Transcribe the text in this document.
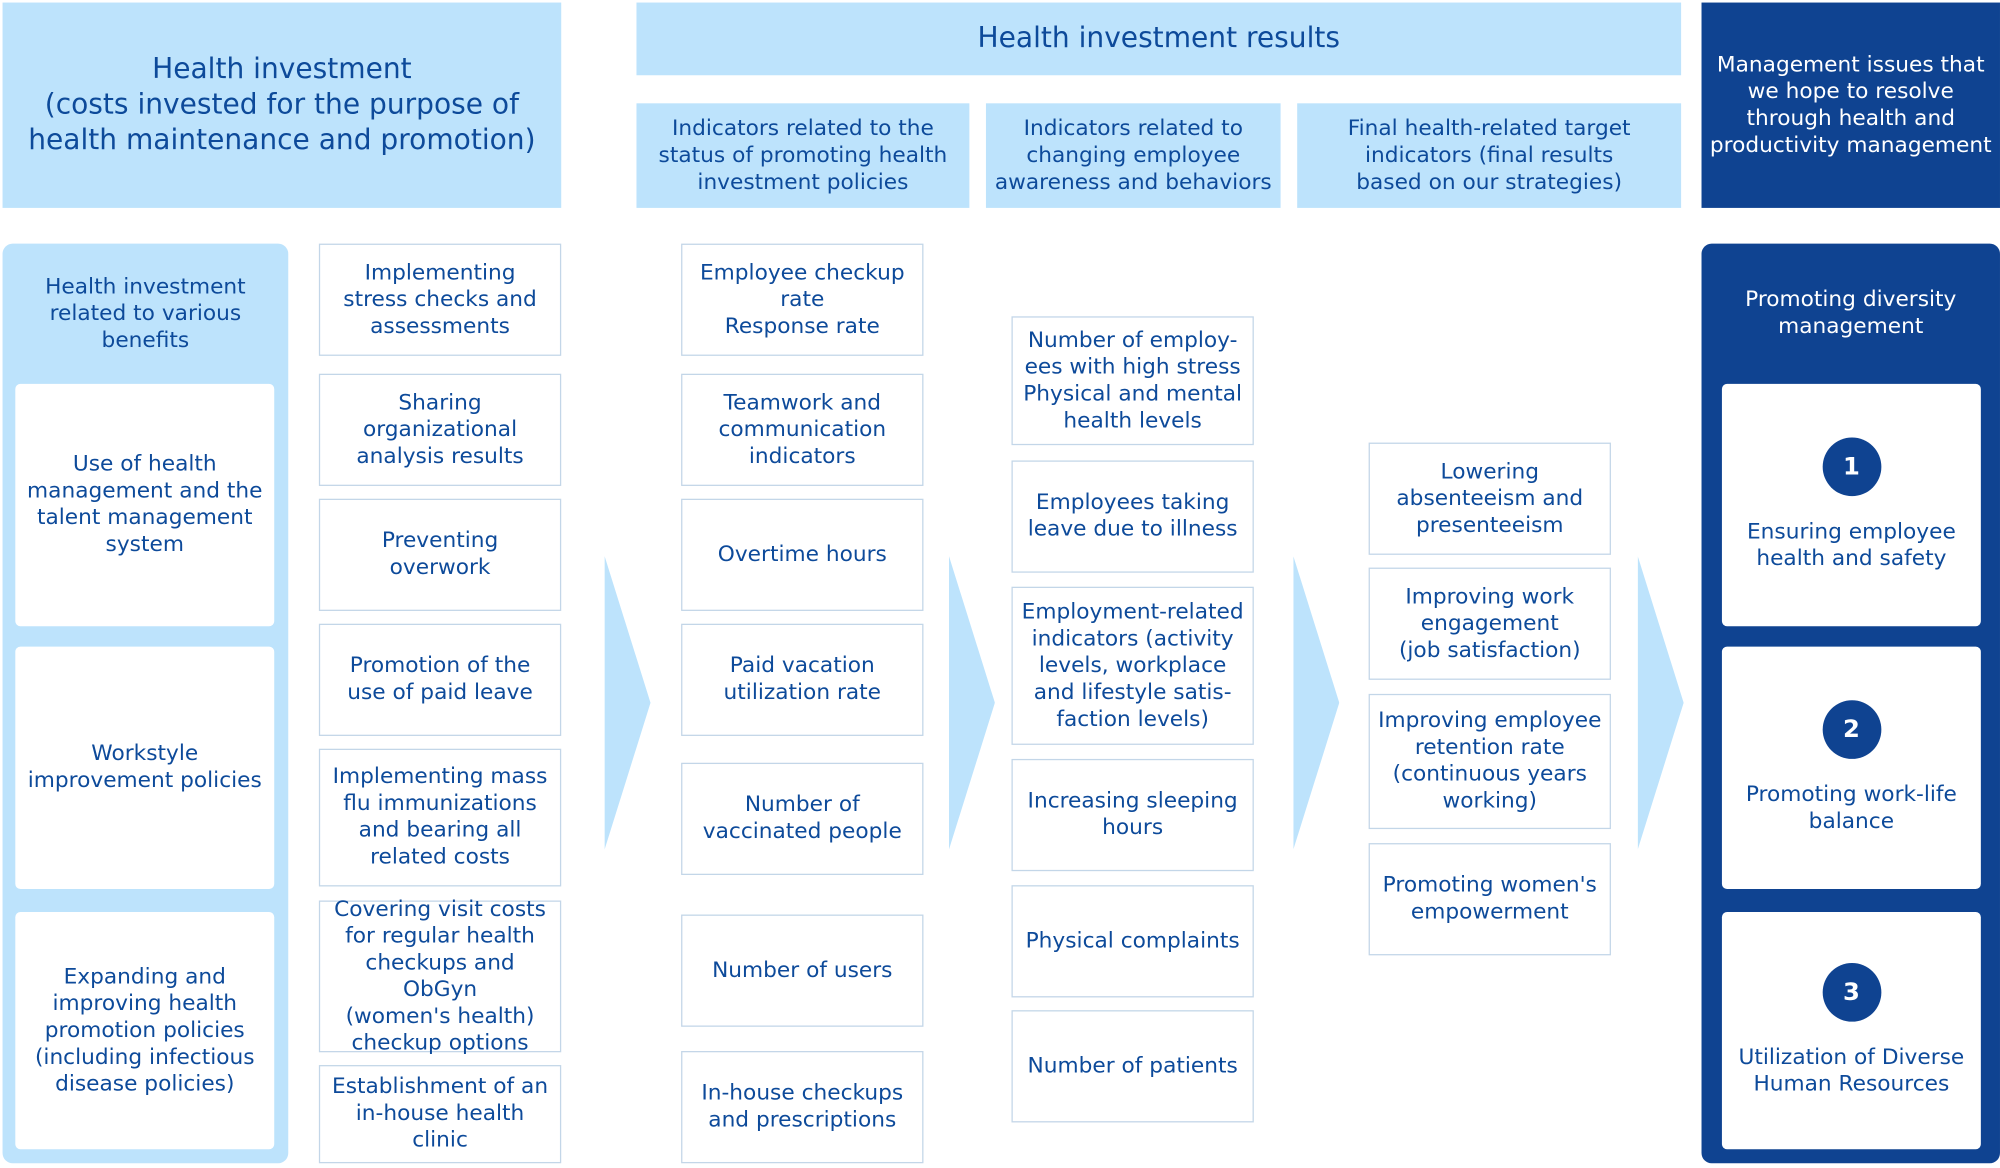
Health investment
(costs invested for the purpose of
health maintenance and promotion)
Health investment results
Indicators related to the
status of promoting health
investment policies
Indicators related to
changing employee
awareness and behaviors
Final health-related target
indicators (final results
based on our strategies)
Management issues that
we hope to resolve
through health and
productivity management
Health investment
related to various
benefits
Use of health
management and the
talent management
system
Workstyle
improvement policies
Expanding and
improving health
promotion policies
(including infectious
disease policies)
Implementing
stress checks and
assessments
Sharing
organizational
analysis results
Preventing
overwork
Promotion of the
use of paid leave
Implementing mass
flu immunizations
and bearing all
related costs
Covering visit costs
for regular health
checkups and ObGyn
(women's health)
checkup options
Establishment of an
in-house health
clinic
Employee checkup
rate
Response rate
Teamwork and
communication
indicators
Overtime hours
Paid vacation
utilization rate
Number of
vaccinated people
Number of users
In-house checkups
and prescriptions
Number of employ-
ees with high stress
Physical and mental
health levels
Employees taking
leave due to illness
Employment-related
indicators (activity
levels, workplace
and lifestyle satis-
faction levels)
Increasing sleeping
hours
Physical complaints
Number of patients
Lowering
absenteeism and
presenteeism
Improving work
engagement
(job satisfaction)
Improving employee
retention rate
(continuous years
working)
Promoting women's
empowerment
Promoting diversity
management
1
Ensuring employee
health and safety
2
Promoting work-life
balance
3
Utilization of Diverse
Human Resources
